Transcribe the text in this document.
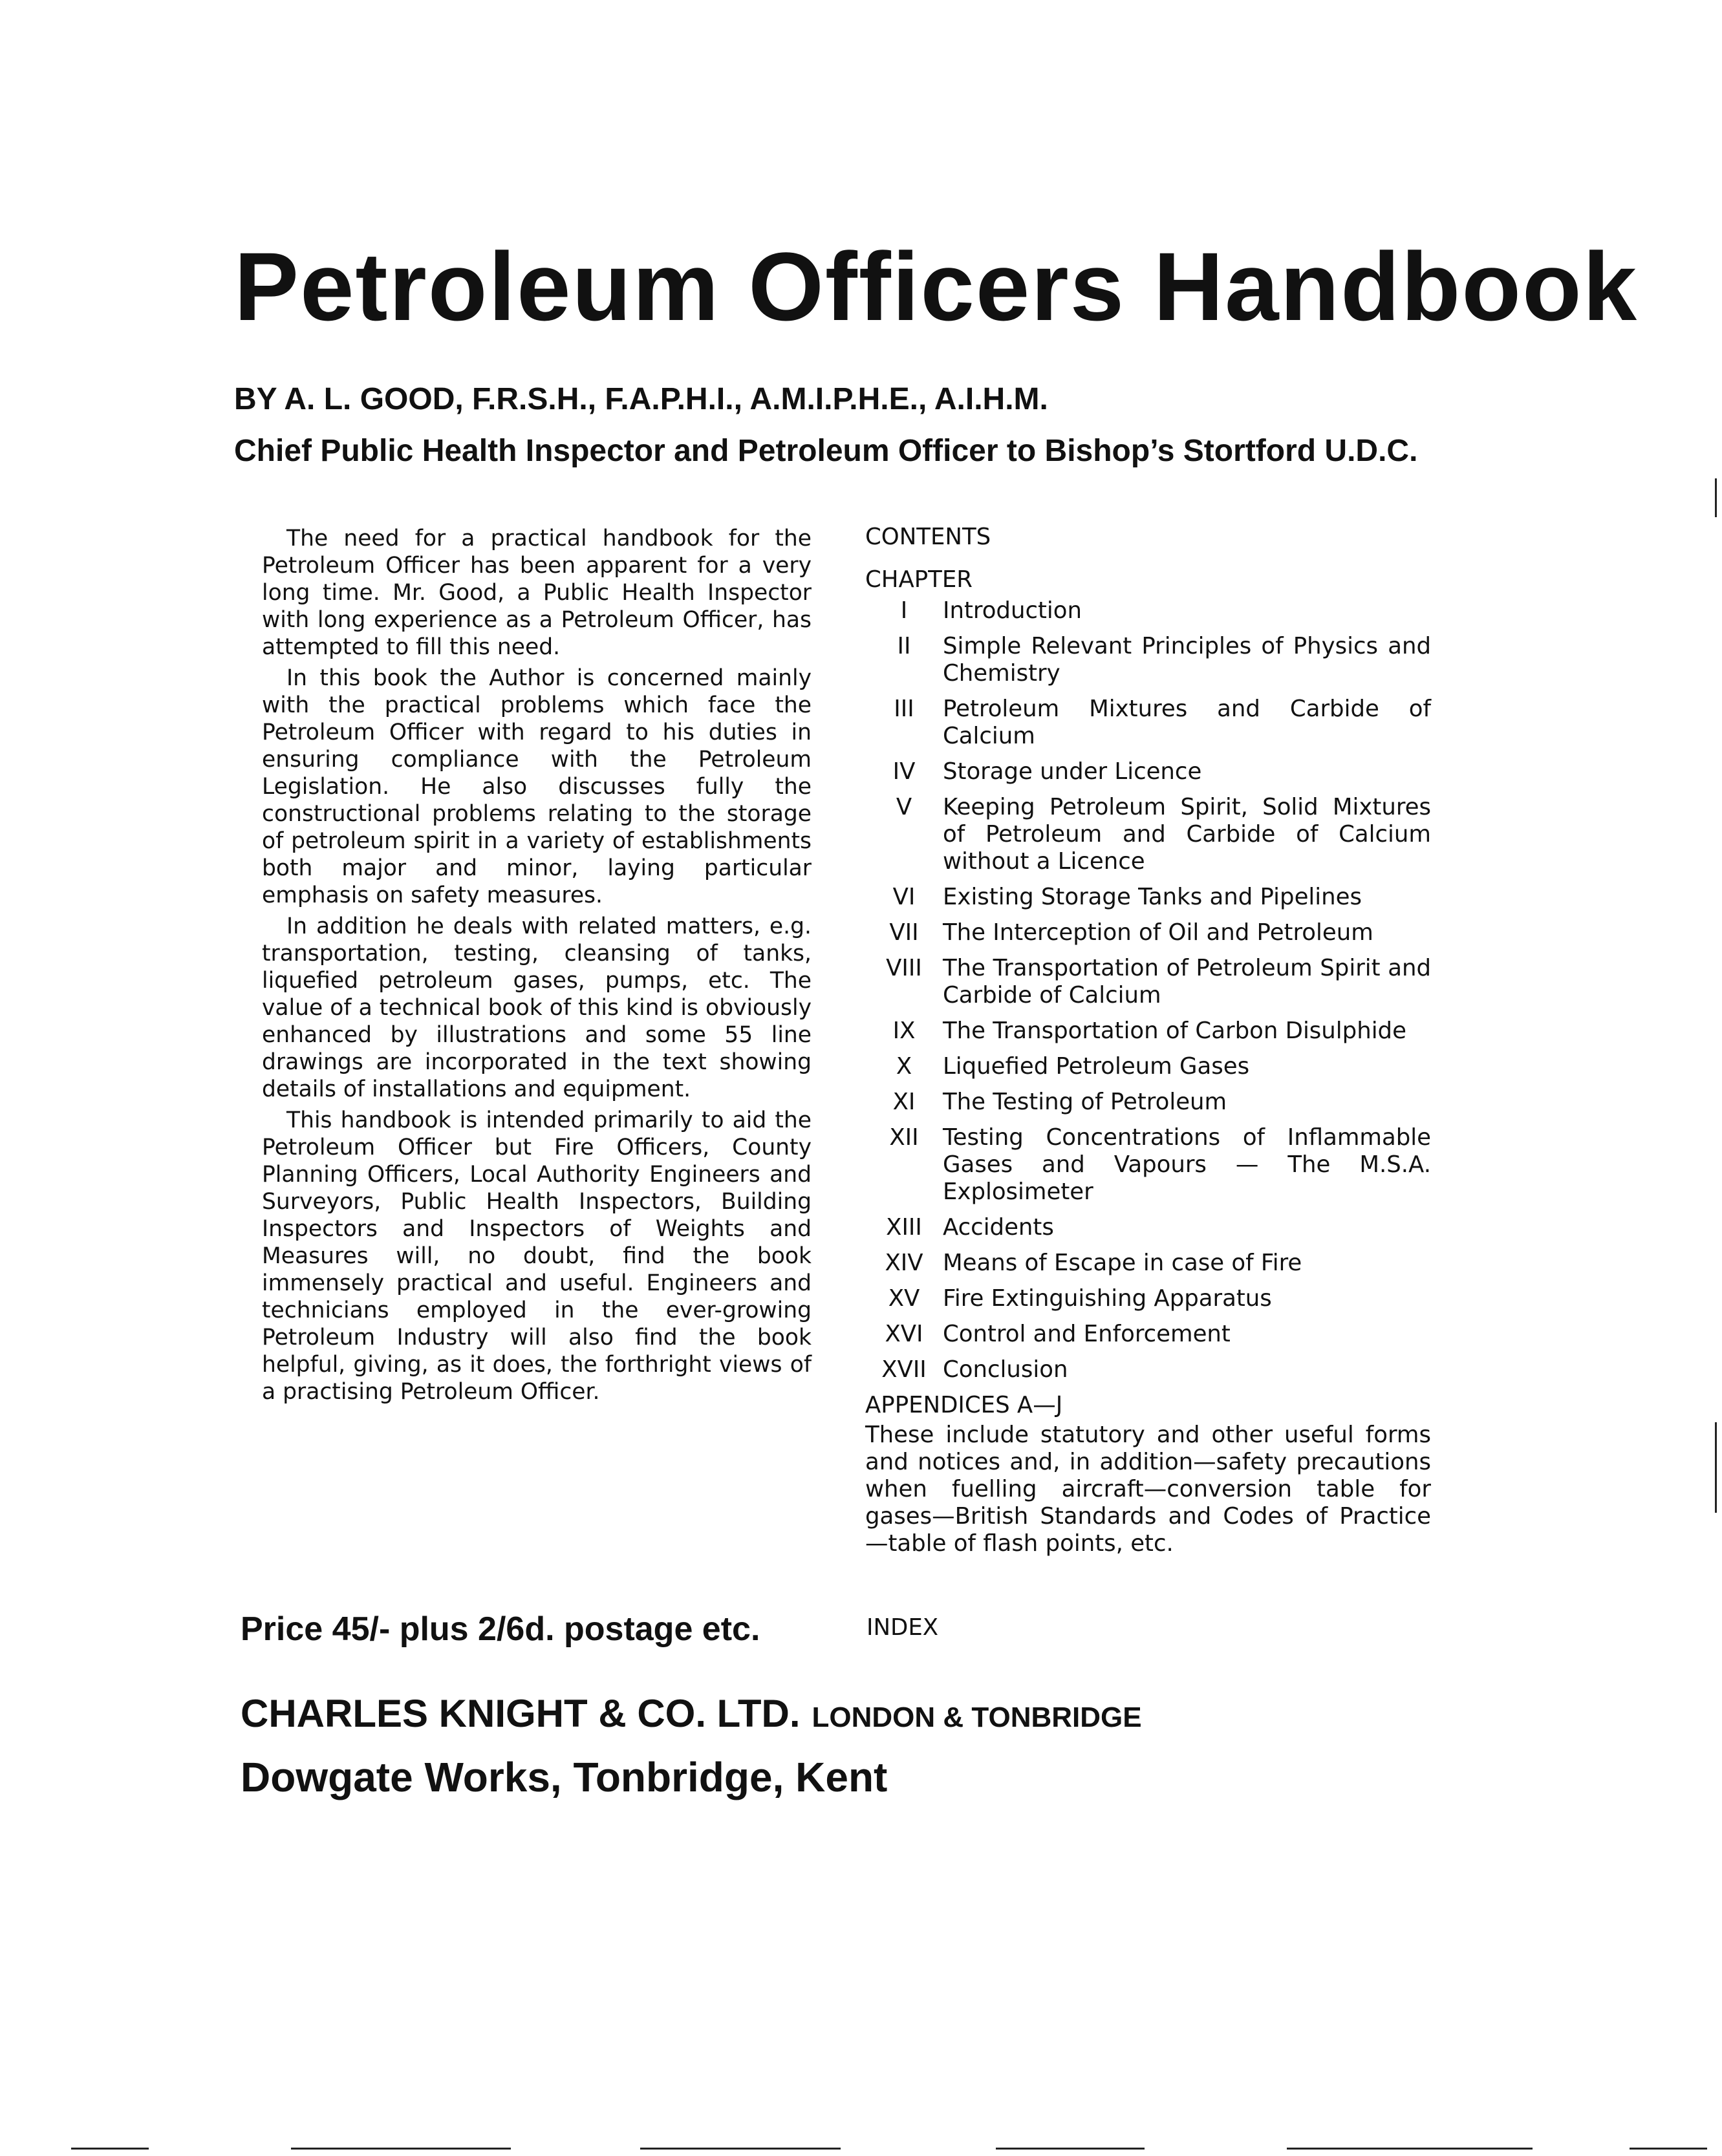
Petroleum Officers Handbook
BY A. L. GOOD, F.R.S.H., F.A.P.H.I., A.M.I.P.H.E., A.I.H.M.
Chief Public Health Inspector and Petroleum Officer to Bishop’s Stortford U.D.C.

The need for a practical handbook for the Petroleum Officer has been apparent for a very long time. Mr. Good, a Public Health Inspector with long experience as a Petroleum Officer, has attempted to fill this need.

In this book the Author is concerned mainly with the practical problems which face the Petroleum Officer with regard to his duties in ensuring compliance with the Petroleum Legislation. He also discusses fully the constructional problems relating to the storage of petroleum spirit in a variety of establishments both major and minor, laying particular emphasis on safety measures.

In addition he deals with related matters, e.g. transportation, testing, cleansing of tanks, liquefied petroleum gases, pumps, etc. The value of a technical book of this kind is obviously enhanced by illustrations and some 55 line drawings are incorporated in the text showing details of installations and equipment.

This handbook is intended primarily to aid the Petroleum Officer but Fire Officers, County Planning Officers, Local Authority Engineers and Surveyors, Public Health Inspectors, Building Inspectors and Inspectors of Weights and Measures will, no doubt, find the book immensely practical and useful. Engineers and technicians employed in the ever-growing Petroleum Industry will also find the book helpful, giving, as it does, the forthright views of a practising Petroleum Officer.

CONTENTS
CHAPTER
I	Introduction
II	Simple Relevant Principles of Physics and Chemistry
III	Petroleum Mixtures and Carbide of Calcium
IV	Storage under Licence
V	Keeping Petroleum Spirit, Solid Mixtures of Petroleum and Carbide of Calcium without a Licence
VI	Existing Storage Tanks and Pipelines
VII	The Interception of Oil and Petroleum
VIII The Transportation of Petroleum Spirit and Carbide of Calcium
IX	The Transportation of Carbon Disulphide
X	Liquefied Petroleum Gases
XI	The Testing of Petroleum
XII	Testing Concentrations of Inflammable Gases and Vapours — The M.S.A. Explosimeter
XIII Accidents
XIV Means of Escape in case of Fire
XV	Fire Extinguishing Apparatus
XVI Control and Enforcement
XVII Conclusion
APPENDICES A—J
These include statutory and other useful forms and notices and, in addition—safety precautions when fuelling aircraft—conversion table for gases—British Standards and Codes of Practice —table of flash points, etc.
INDEX
Price 45/- plus 2/6d. postage etc.
CHARLES KNIGHT & CO. LTD. LONDON & TONBRIDGE
Dowgate Works, Tonbridge, Kent
